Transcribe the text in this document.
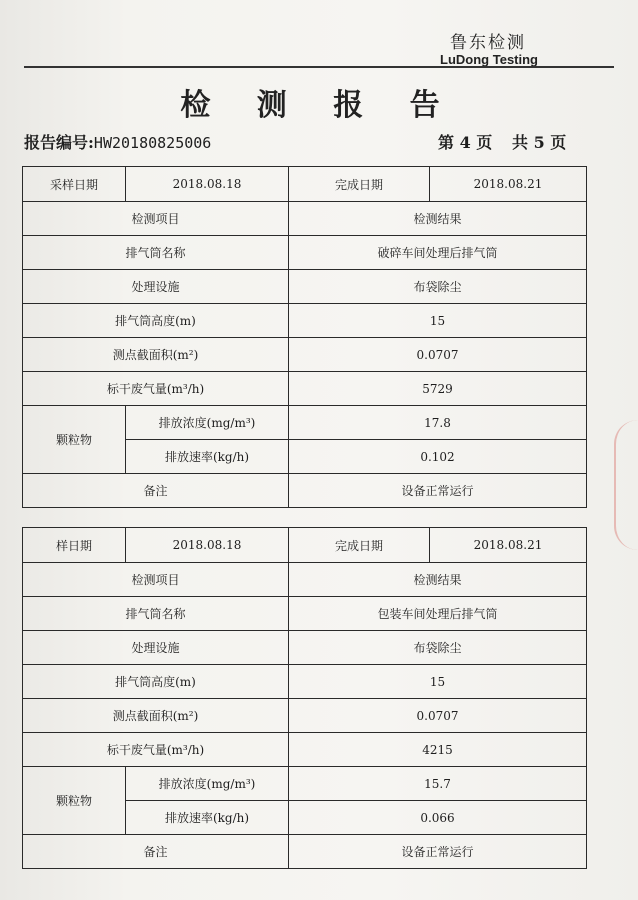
鲁东检测
LuDong Testing
检 测 报 告
报告编号:HW20180825006	第 4 页 共 5 页
采样日期	2018.08.18	完成日期	2018.08.21
检测项目		检测结果	
排气筒名称		破碎车间处理后排气筒	
处理设施		布袋除尘	
排气筒高度(m)		15	
测点截面积(m²)		0.0707	
标干废气量(m³/h)		5729	
颗粒物	排放浓度(mg/m³)	17.8	
	排放速率(kg/h)	0.102	
备注		设备正常运行	
样日期	2018.08.18	完成日期	2018.08.21
检测项目		检测结果	
排气筒名称		包装车间处理后排气筒	
处理设施		布袋除尘	
排气筒高度(m)		15	
测点截面积(m²)		0.0707	
标干废气量(m³/h)		4215	
颗粒物	排放浓度(mg/m³)	15.7	
	排放速率(kg/h)	0.066	
备注		设备正常运行	
